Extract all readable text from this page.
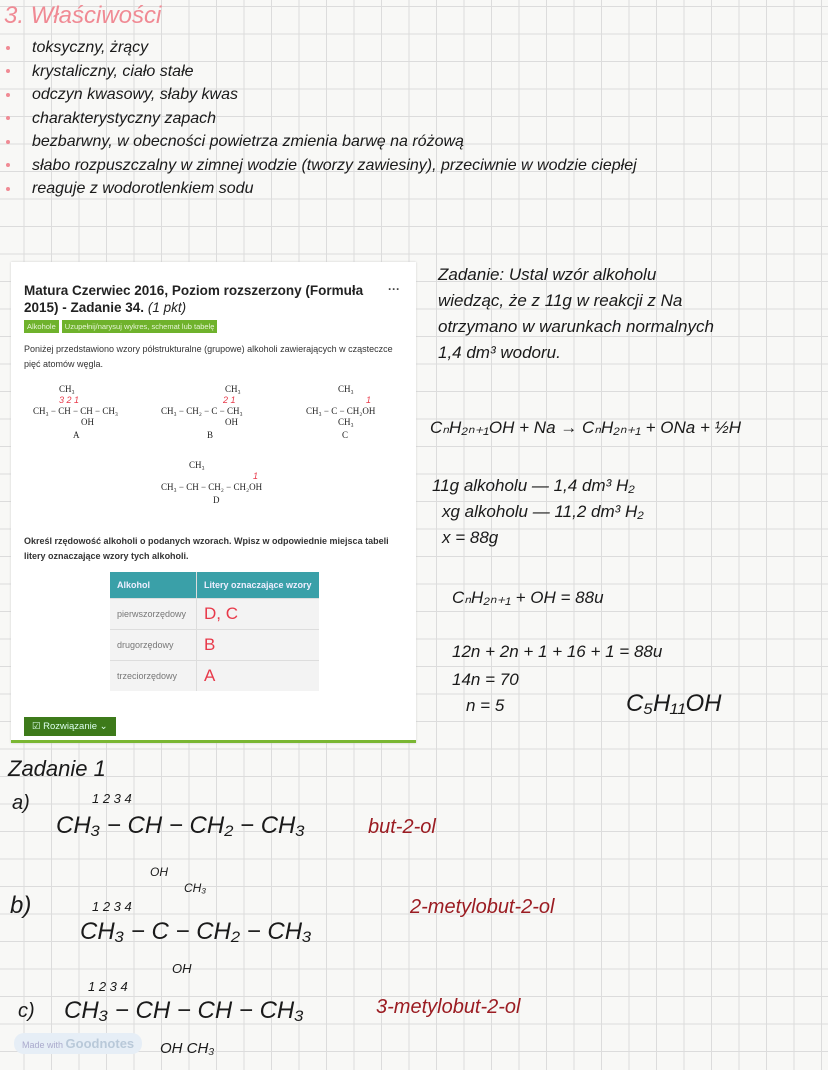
3. Właściwości
toksyczny, żrący
krystaliczny, ciało stałe
odczyn kwasowy, słaby kwas
charakterystyczny zapach
bezbarwny, w obecności powietrza zmienia barwę na różową
słabo rozpuszczalny w zimnej wodzie (tworzy zawiesiny), przeciwnie w wodzie ciepłej
reaguje z wodorotlenkiem sodu
Matura Czerwiec 2016, Poziom rozszerzony (Formuła 2015) - Zadanie 34. (1 pkt)
···
Alkohole	Uzupełnij/narysuj wykres, schemat lub tabelę
Poniżej przedstawiono wzory półstrukturalne (grupowe) alkoholi zawierających w cząsteczce pięć atomów węgla.
CH₃
3 2 1
CH₃ − CH − CH − CH₃
OH
A
CH₃
2 1
CH₃ − CH₂ − C − CH₃
OH
B
CH₃
1
CH₃ − C − CH₂OH
CH₃
C
CH₃
1
CH₃ − CH − CH₂ − CH₂OH
D
Określ rzędowość alkoholi o podanych wzorach. Wpisz w odpowiednie miejsca tabeli litery oznaczające wzory tych alkoholi.
Alkohol	Litery oznaczające wzory
pierwszorzędowy	D, C
drugorzędowy	B
trzeciorzędowy	A
☑ Rozwiązanie ⌄
Zadanie: Ustal wzór alkoholu
wiedząc, że z 11g w reakcji z Na
otrzymano w warunkach normalnych
1,4 dm³ wodoru.
CₙH₂ₙ₊₁OH + Na → CₙH₂ₙ₊₁ + ONa + ½H
11g alkoholu — 1,4 dm³ H₂
xg alkoholu — 11,2 dm³ H₂
x = 88g
CₙH₂ₙ₊₁ + OH = 88u
12n + 2n + 1 + 16 + 1 = 88u
14n = 70
n = 5	C₅H₁₁OH
Zadanie 1
a)	1 2 3 4
CH₃ − CH − CH₂ − CH₃
OH
but-2-ol
b)
CH₃
1 2 3 4
CH₃ − C − CH₂ − CH₃
OH
2-metylobut-2-ol
c)
1 2 3 4
CH₃ − CH − CH − CH₃
OH CH₃
3-metylobut-2-ol
Made with Goodnotes
